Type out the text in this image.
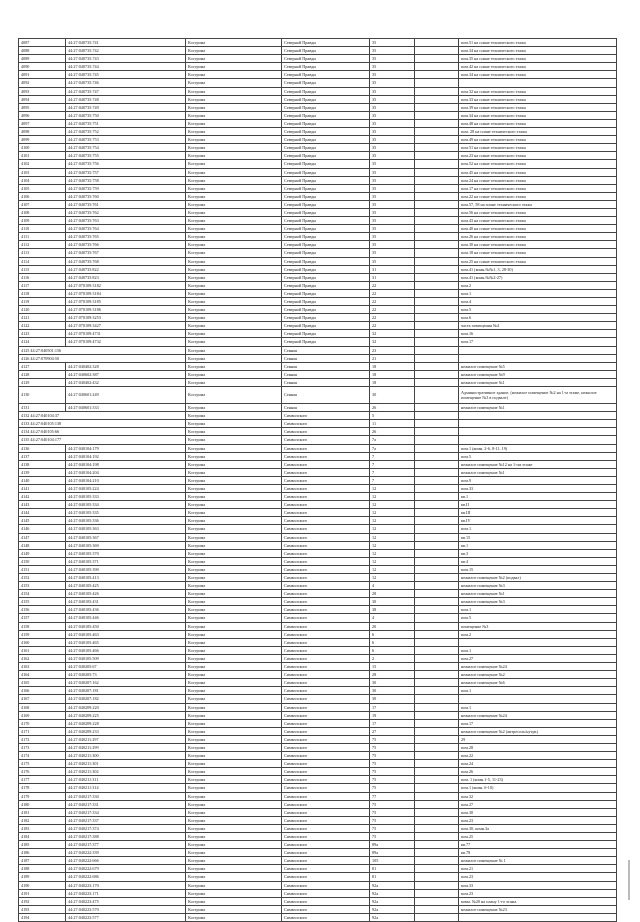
4087	44:27:040735:741	Кострома	Северной Правды	35		пом.51 на плане технического этажа
4088	44:27:040735:742	Кострома	Северной Правды	35		пом.34 на плане технического этажа
4089	44:27:040735:743	Кострома	Северной Правды	35		пом.35 на плане технического этажа
4090	44:27:040735:744	Кострома	Северной Правды	35		пом.42 на плане технического этажа
4091	44:27:040735:745	Кострома	Северной Правды	35		пом.34 на плане технического этажа
4092	44:27:040735:746	Кострома	Северной Правды	35		
4093	44:27:040735:747	Кострома	Северной Правды	35		пом.32 на плане технического этажа
4094	44:27:040735:748	Кострома	Северной Правды	35		пом.33 на плане технического этажа
4095	44:27:040735:749	Кострома	Северной Правды	35		пом.39 на плане технического этажа
4096	44:27:040735:750	Кострома	Северной Правды	35		пом.34 на плане технического этажа
4097	44:27:040735:751	Кострома	Северной Правды	35		пом.48 на плане технического этажа
4098	44:27:040735:752	Кострома	Северной Правды	35		пом. 28 на плане технического этажа
4099	44:27:040735:753	Кострома	Северной Правды	35		пом.49 на плане технического этажа
4100	44:27:040735:754	Кострома	Северной Правды	35		пом.51 на плане технического этажа
4101	44:27:040735:755	Кострома	Северной Правды	35		пом.23 на плане технического этажа
4102	44:27:040735:756	Кострома	Северной Правды	35		пом.52 на плане технического этажа
4103	44:27:040735:757	Кострома	Северной Правды	35		пом.45 на плане технического этажа
4104	44:27:040735:758	Кострома	Северной Правды	35		пом.24 на плане технического этажа
4105	44:27:040735:759	Кострома	Северной Правды	35		пом.17 на плане технического этажа
4106	44:27:040735:760	Кострома	Северной Правды	35		пом.22 на плане технического этажа
4107	44:27:040735:761	Кострома	Северной Правды	35		пом.57, 58 на плане технического этажа
4108	44:27:040735:762	Кострома	Северной Правды	35		пом.56 на плане технического этажа
4109	44:27:040735:763	Кострома	Северной Правды	35		пом.43 на плане технического этажа
4110	44:27:040735:764	Кострома	Северной Правды	35		пом.40 на плане технического этажа
4111	44:27:040735:765	Кострома	Северной Правды	35		пом.26 на плане технического этажа
4112	44:27:040735:766	Кострома	Северной Правды	35		пом.30 на плане технического этажа
4113	44:27:040735:767	Кострома	Северной Правды	35		пом.18 на плане технического этажа
4114	44:27:040735:768	Кострома	Северной Правды	35		пом.25 на плане технического этажа
4115	44:27:040735:822	Кострома	Северной Правды	31		пом.41 (комн.№№1, 3, 28-30)
4116	44:27:040735:823	Кострома	Северной Правды	31		пом.41 (комн.№№2-27)
4117	44:27:070109:3182	Кострома	Северной Правды	22		пом.2
4118	44:27:070109:3184	Кострома	Северной Правды	22		пом.1
4119	44:27:070109:3185	Кострома	Северной Правды	22		пом.4
4120	44:27:070109:3186	Кострома	Северной Правды	22		пом.5
4121	44:27:070109:3253	Кострома	Северной Правды	22		пом.6
4122	44:27:070109:3427	Кострома	Северной Правды	22		часть помещения №4
4123	44:27:070109:4731	Кострома	Северной Правды	32		пом.16
4124	44:27:070109:4732	Кострома	Северной Правды	32		пом.17
4125 44:27:040501:156		Кострома	Сенная	23		
4126 44:27:070904:50		Кострома	Сенная	21		
4127	44:27:040402:328	Кострома	Сенная	18		нежилое помещение №5
4128	44:27:040602:387	Кострома	Сенная	18		нежилое помещение №9
4129	44:27:040402:432	Кострома	Сенная	18		нежилое помещение №1
4130	44:27:040601:249	Кострома	Сенная	30		Административное здание, (нежилое помещение №2 на 1-м этаже, нежилое помещение №3 в подвале)
4131	44:27:040601:333	Кострома	Сенная	26		нежилое помещение №1
4132 44:27:040104:37		Кострома	Символского	5		
4133 44:27:040105:138		Кострома	Символского	11		
4134 44:27:040105:66		Кострома	Символского	26		
4135 44:27:040104:177		Кострома	Символского	7а		
4136	44:27:040104:179	Кострома	Символского	7а		пом.1 (комн. 2-6, 8-11, 19)
4137	44:27:040104:192	Кострома	Символского	7		пом.5
4138	44:27:040104:198	Кострома	Символского	7		нежилое помещение №12 на 1-ом этаже
4139	44:27:040104:204	Кострома	Символского	7		нежилое помещение №1
4140	44:27:040104:210	Кострома	Символского	7		пом.9
4141	44:27:040105:224	Кострома	Символского	12		пом.33
4142	44:27:040105:333	Кострома	Символского	12		кв.1
4143	44:27:040105:334	Кострома	Символского	12		кв.II
4144	44:27:040105:335	Кострома	Символского	12		кв.III
4145	44:27:040105:336	Кострома	Символского	12		кв.IV
4146	44:27:040105:363	Кострома	Символского	12		пом.1
4147	44:27:040105:367	Кострома	Символского	12		кв.15
4148	44:27:040105:369	Кострома	Символского	12		кв.1
4149	44:27:040105:370	Кострома	Символского	12		кв.3
4150	44:27:040105:371	Кострома	Символского	12		кв.4
4151	44:27:040105:390	Кострома	Символского	12		пом.15
4152	44:27:040105:413	Кострома	Символского	12		нежилое помещение №2 (подвал)
4153	44:27:040105:425	Кострома	Символского	4		нежилое помещение №3
4154	44:27:040105:426	Кострома	Символского	28		нежилое помещение №1
4155	44:27:040105:431	Кострома	Символского	30		нежилое помещение №3
4156	44:27:040105:436	Кострома	Символского	38		пом.1
4157	44:27:040105:446	Кострома	Символского	4		пом.5
4158	44:27:040105:450	Кострома	Символского	20		помещение №3
4159	44:27:040105:463	Кострома	Символского	6		пом.2
4160	44:27:040105:465	Кострома	Символского	6		
4161	44:27:040105:466	Кострома	Символского	6		пом.1
4162	44:27:040105:509	Кострома	Символского	2		пом.27
4163	44:27:040205:67	Кострома	Символского	15		нежилое помещение №24
4164	44:27:040205:73	Кострома	Символского	28		нежилое помещение №2
4165	44:27:040207:162	Кострома	Символского	30		нежилое помещение №6
4166	44:27:040207:181	Кострома	Символского	30		пом.1
4167	44:27:040207:182	Кострома	Символского	30		
4168	44:27:040209:220	Кострома	Символского	17		пом.1
4169	44:27:040209:225	Кострома	Символского	19		нежилое помещение №24
4170	44:27:040209:228	Кострома	Символского	17		пом.17
4171	44:27:040209:233	Кострома	Символского	27		нежилое помещение №2 (антресоль/нутрь)
4172	44:27:040211:297	Кострома	Символского	75		29
4173	44:27:040211:299	Кострома	Символского	75		пом.28
4174	44:27:040211:300	Кострома	Символского	75		пом.22
4175	44:27:040211:301	Кострома	Символского	75		пом.24
4176	44:27:040211:302	Кострома	Символского	75		пом.26
4177	44:27:040211:311	Кострома	Символского	75		пом. 1 (комн.1-5, 11-23)
4178	44:27:040211:314	Кострома	Символского	75		пом.1 (комн. 6-10)
4179	44:27:040217:330	Кострома	Символского	77		пом.32
4180	44:27:040217:331	Кострома	Символского	75		пом.27
4181	44:27:040217:334	Кострома	Символского	75		пом.30
4182	44:27:040217:337	Кострома	Символского	75		пом.23
4183	44:27:040217:374	Кострома	Символского	75		пом.30, комн.3а
4184	44:27:040217:388	Кострома	Символского	75		пом.25
4185	44:27:040217:377	Кострома	Символского	89а		кв.77
4186	44:27:040222:339	Кострома	Символского	89а		кв.78
4187	44:27:040222:666	Кострома	Символского	105		нежилое помещение № 1
4188	44:27:040222:679	Кострома	Символского	81		пом.21
4189	44:27:040222:686	Кострома	Символского	81		пом.23
4190	44:27:040223:170	Кострома	Символского	92а		пом.33
4191	44:27:040223:171	Кострома	Символского	92а		пом.23
4192	44:27:040223:475	Кострома	Символского	92а		комн. №20 на плану 1-го этажа
4193	44:27:040223:570	Кострома	Символского	92а		нежилое помещение №23
4194	44:27:040223:577	Кострома	Символского	92а		
